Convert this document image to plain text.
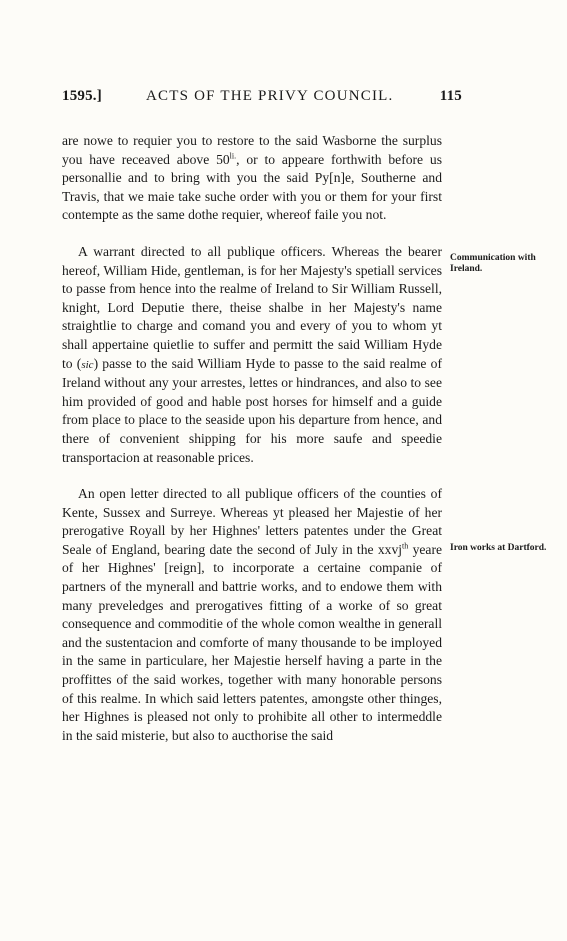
1595.]	ACTS OF THE PRIVY COUNCIL.	115

are nowe to requier you to restore to the said Wasborne the surplus you have receaved above $50^{li.}$, or to appeare forthwith before us personallie and to bring with you the said Py[n]e, Southerne and Travis, that we maie take suche order with you or them for your first contempte as the same dothe requier, whereof faile you not.

A warrant directed to all publique officers. Whereas the bearer hereof, William Hide, gentleman, is for her Majesty's spetiall services to passe from hence into the realme of Ireland to Sir William Russell, knight, Lord Deputie there, theise shalbe in her Majesty's name straightlie to charge and comand you and every of you to whom yt shall appertaine quietlie to suffer and permitt the said William Hyde to (sic) passe to the said William Hyde to passe to the said realme of Ireland without any your arrestes, lettes or hindrances, and also to see him provided of good and hable post horses for himself and a guide from place to place to the seaside upon his departure from hence, and there of convenient shipping for his more saufe and speedie transportacion at reasonable prices.

An open letter directed to all publique officers of the counties of Kente, Sussex and Surreye. Whereas yt pleased her Majestie of her prerogative Royall by her Highnes' letters patentes under the Great Seale of England, bearing date the second of July in the xxvj$^{th}$ yeare of her Highnes' [reign], to incorporate a certaine companie of partners of the mynerall and battrie works, and to endowe them with many preveledges and prerogatives fitting of a worke of so great consequence and commoditie of the whole comon wealthe in generall and the sustentacion and comforte of many thousande to be imployed in the same in particulare, her Majestie herself having a parte in the proffittes of the said workes, together with many honorable persons of this realme. In which said letters patentes, amongste other thinges, her Highnes is pleased not only to prohibite all other to intermeddle in the said misterie, but also to aucthorise the said

Communication with Ireland.
Iron works at Dartford.
